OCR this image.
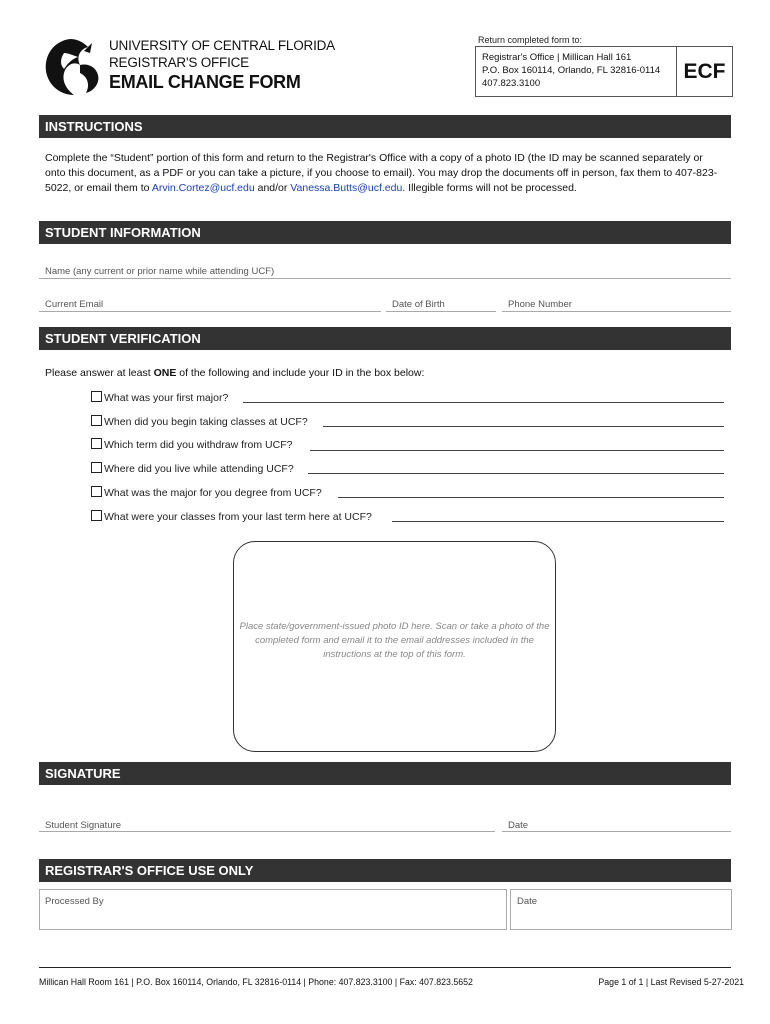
UNIVERSITY OF CENTRAL FLORIDA
REGISTRAR'S OFFICE
EMAIL CHANGE FORM
Return completed form to:
Registrar's Office | Millican Hall 161
P.O. Box 160114, Orlando, FL 32816-0114
407.823.3100
ECF
INSTRUCTIONS
Complete the “Student” portion of this form and return to the Registrar's Office with a copy of a photo ID (the ID may be scanned separately or onto this document, as a PDF or you can take a picture, if you choose to email). You may drop the documents off in person, fax them to 407-823-5022, or email them to Arvin.Cortez@ucf.edu and/or Vanessa.Butts@ucf.edu. Illegible forms will not be processed.
STUDENT INFORMATION
Name (any current or prior name while attending UCF)
Current Email	Date of Birth	Phone Number
STUDENT VERIFICATION
Please answer at least ONE of the following and include your ID in the box below:
What was your first major?
When did you begin taking classes at UCF?
Which term did you withdraw from UCF?
Where did you live while attending UCF?
What was the major for you degree from UCF?
What were your classes from your last term here at UCF?
Place state/government-issued photo ID here. Scan or take a photo of the completed form and email it to the email addresses included in the instructions at the top of this form.
SIGNATURE
Student Signature	Date
REGISTRAR'S OFFICE USE ONLY
Processed By	Date
Millican Hall Room 161 | P.O. Box 160114, Orlando, FL 32816-0114 | Phone: 407.823.3100 | Fax: 407.823.5652	Page 1 of 1 | Last Revised 5-27-2021
